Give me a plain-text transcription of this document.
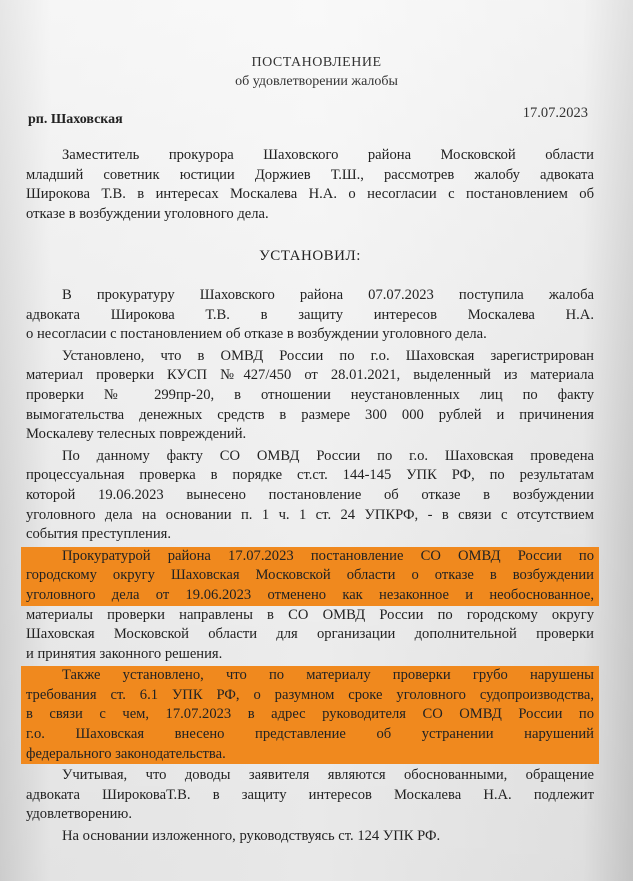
ПОСТАНОВЛЕНИЕ
об удовлетворении жалобы
рп. Шаховская	17.07.2023
Заместитель прокурора Шаховского района Московской области
младший советник юстиции Доржиев Т.Ш., рассмотрев жалобу адвоката
Широкова Т.В. в интересах Москалева Н.А. о несогласии с постановлением об
отказе в возбуждении уголовного дела.
УСТАНОВИЛ:
В прокуратуру Шаховского района 07.07.2023 поступила жалоба
адвоката Широкова Т.В. в защиту интересов Москалева Н.А.
о несогласии с постановлением об отказе в возбуждении уголовного дела.
Установлено, что в ОМВД России по г.о. Шаховская зарегистрирован
материал проверки КУСП №427/450 от 28.01.2021, выделенный из материала
проверки № 299пр-20, в отношении неустановленных лиц по факту
вымогательства денежных средств в размере 300 000 рублей и причинения
Москалеву телесных повреждений.
По данному факту СО ОМВД России по г.о. Шаховская проведена
процессуальная проверка в порядке ст.ст. 144-145 УПК РФ, по результатам
которой 19.06.2023 вынесено постановление об отказе в возбуждении
уголовного дела на основании п. 1 ч. 1 ст. 24 УПКРФ, - в связи с отсутствием
события преступления.
Прокуратурой района 17.07.2023 постановление СО ОМВД России по
городскому округу Шаховская Московской области о отказе в возбуждении
уголовного дела от 19.06.2023 отменено как незаконное и необоснованное,
материалы проверки направлены в СО ОМВД России по городскому округу
Шаховская Московской области для организации дополнительной проверки
и принятия законного решения.
Также установлено, что по материалу проверки грубо нарушены
требования ст. 6.1 УПК РФ, о разумном сроке уголовного судопроизводства,
в связи с чем, 17.07.2023 в адрес руководителя СО ОМВД России по
г.о. Шаховская внесено представление об устранении нарушений
федерального законодательства.
Учитывая, что доводы заявителя являются обоснованными, обращение
адвоката ШироковаТ.В. в защиту интересов Москалева Н.А. подлежит
удовлетворению.
На основании изложенного, руководствуясь ст. 124 УПК РФ.
